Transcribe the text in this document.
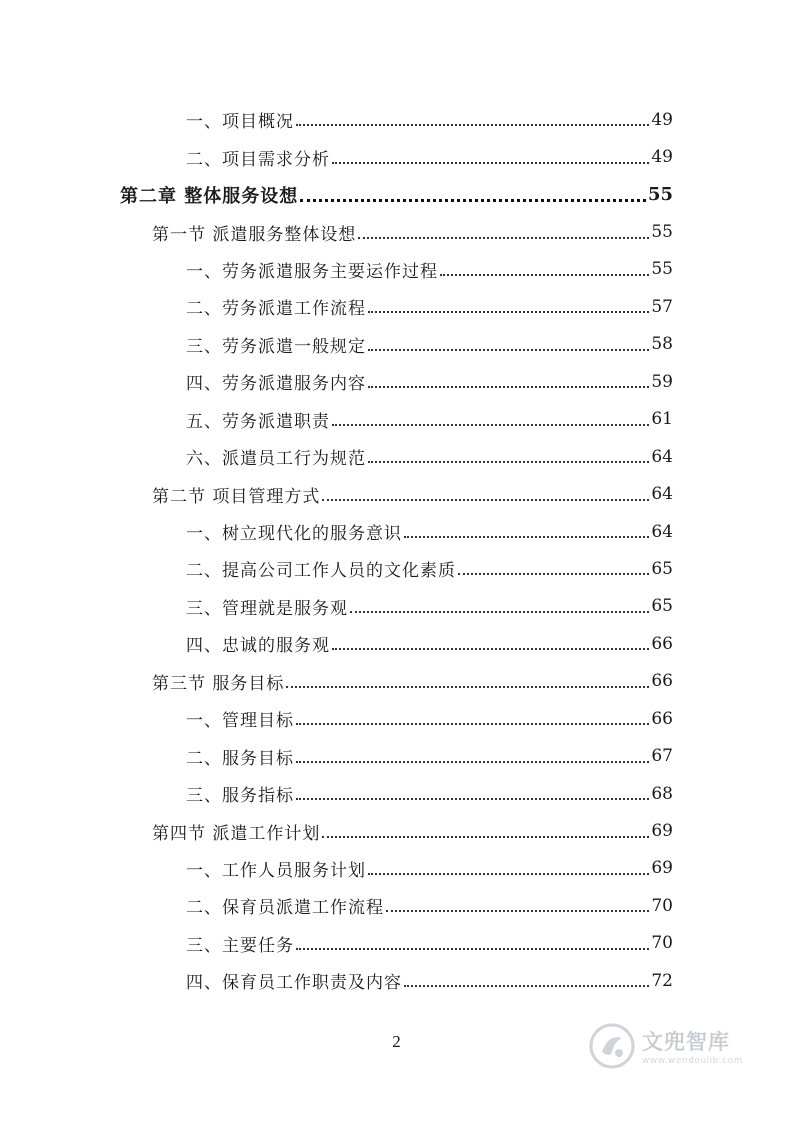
一、项目概况	49
二、项目需求分析	49
第二章 整体服务设想	55
第一节 派遣服务整体设想	55
一、劳务派遣服务主要运作过程	55
二、劳务派遣工作流程	57
三、劳务派遣一般规定	58
四、劳务派遣服务内容	59
五、劳务派遣职责	61
六、派遣员工行为规范	64
第二节 项目管理方式	64
一、树立现代化的服务意识	64
二、提高公司工作人员的文化素质	65
三、管理就是服务观	65
四、忠诚的服务观	66
第三节 服务目标	66
一、管理目标	66
二、服务目标	67
三、服务指标	68
第四节 派遣工作计划	69
一、工作人员服务计划	69
二、保育员派遣工作流程	70
三、主要任务	70
四、保育员工作职责及内容	72
2	文兜智库
www.wendoulib.com
